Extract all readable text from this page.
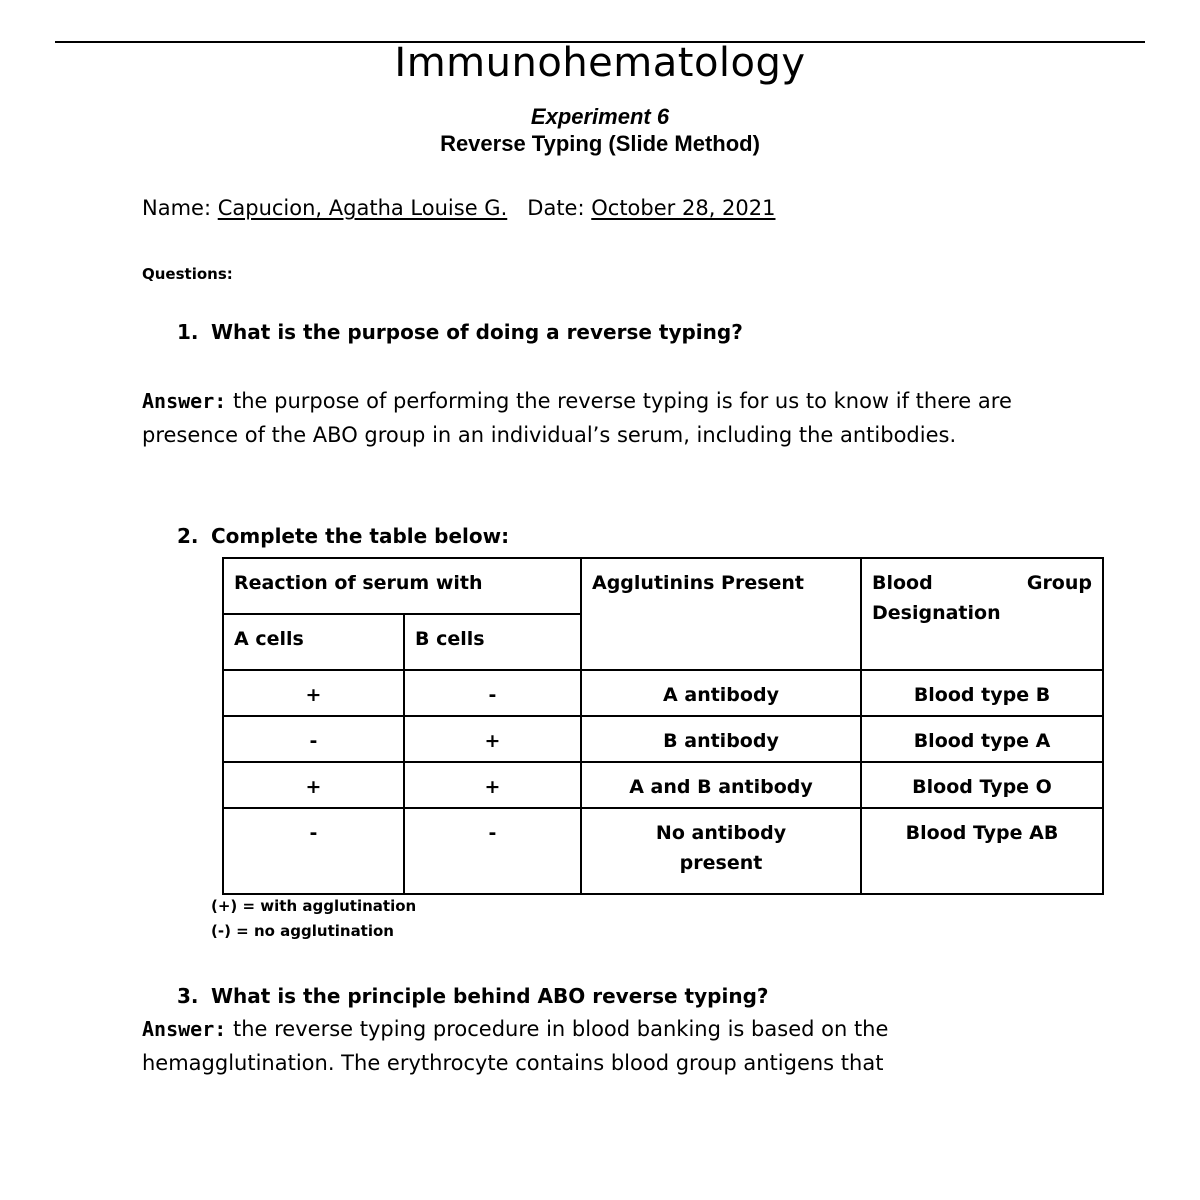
Immunohematology
Experiment 6
Reverse Typing (Slide Method)
Name: Capucion, Agatha Louise G. Date: October 28, 2021
Questions:
1. What is the purpose of doing a reverse typing?
Answer: the purpose of performing the reverse typing is for us to know if there are presence of the ABO group in an individual’s serum, including the antibodies.
2. Complete the table below:
Reaction of serum with		Agglutinins Present	Blood Group
Designation

A cells	B cells		
+	-	A antibody	Blood type B
-	+	B antibody	Blood type A
+	+	A and B antibody	Blood Type O
-	-	No antibody present	Blood Type AB
(+) = with agglutination
(-) = no agglutination
3. What is the principle behind ABO reverse typing?
Answer: the reverse typing procedure in blood banking is based on the hemagglutination. The erythrocyte contains blood group antigens that
